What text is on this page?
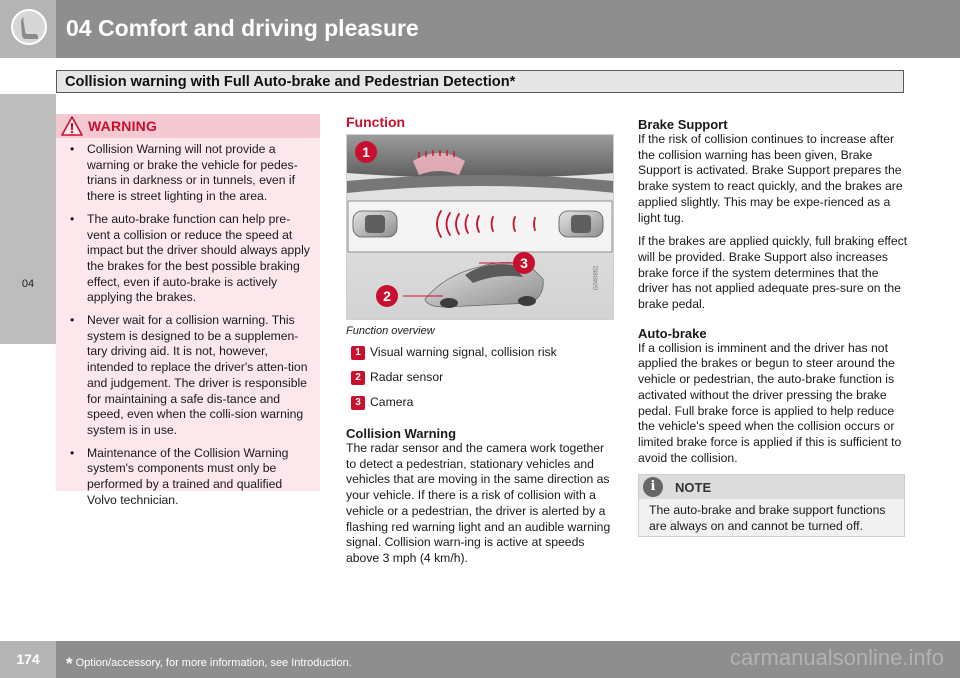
04 Comfort and driving pleasure
Collision warning with Full Auto-brake and Pedestrian Detection*
04
WARNING
• Collision Warning will not provide a warning or brake the vehicle for pedes-trians in darkness or in tunnels, even if there is street lighting in the area.
• The auto-brake function can help pre-vent a collision or reduce the speed at impact but the driver should always apply the brakes for the best possible braking effect, even if auto-brake is actively applying the brakes.
• Never wait for a collision warning. This system is designed to be a supplemen-tary driving aid. It is not, however, intended to replace the driver's atten-tion and judgement. The driver is responsible for maintaining a safe dis-tance and speed, even when the colli-sion warning system is in use.
• Maintenance of the Collision Warning system's components must only be performed by a trained and qualified Volvo technician.
Function
1
2
3
G040862
Function overview
1 Visual warning signal, collision risk
2 Radar sensor
3 Camera
Collision Warning
The radar sensor and the camera work together to detect a pedestrian, stationary vehicles and vehicles that are moving in the same direction as your vehicle. If there is a risk of collision with a vehicle or a pedestrian, the driver is alerted by a flashing red warning light and an audible warning signal. Collision warn-ing is active at speeds above 3 mph (4 km/h).
Brake Support
If the risk of collision continues to increase after the collision warning has been given, Brake Support is activated. Brake Support prepares the brake system to react quickly, and the brakes are applied slightly. This may be expe-rienced as a light tug.
If the brakes are applied quickly, full braking effect will be provided. Brake Support also increases brake force if the system determines that the driver has not applied adequate pres-sure on the brake pedal.
Auto-brake
If a collision is imminent and the driver has not applied the brakes or begun to steer around the vehicle or pedestrian, the auto-brake function is activated without the driver pressing the brake pedal. Full brake force is applied to help reduce the vehicle's speed when the collision occurs or limited brake force is applied if this is sufficient to avoid the collision.
i	NOTE
The auto-brake and brake support functions are always on and cannot be turned off.
174	* Option/accessory, for more information, see Introduction.	carmanualsonline.info
